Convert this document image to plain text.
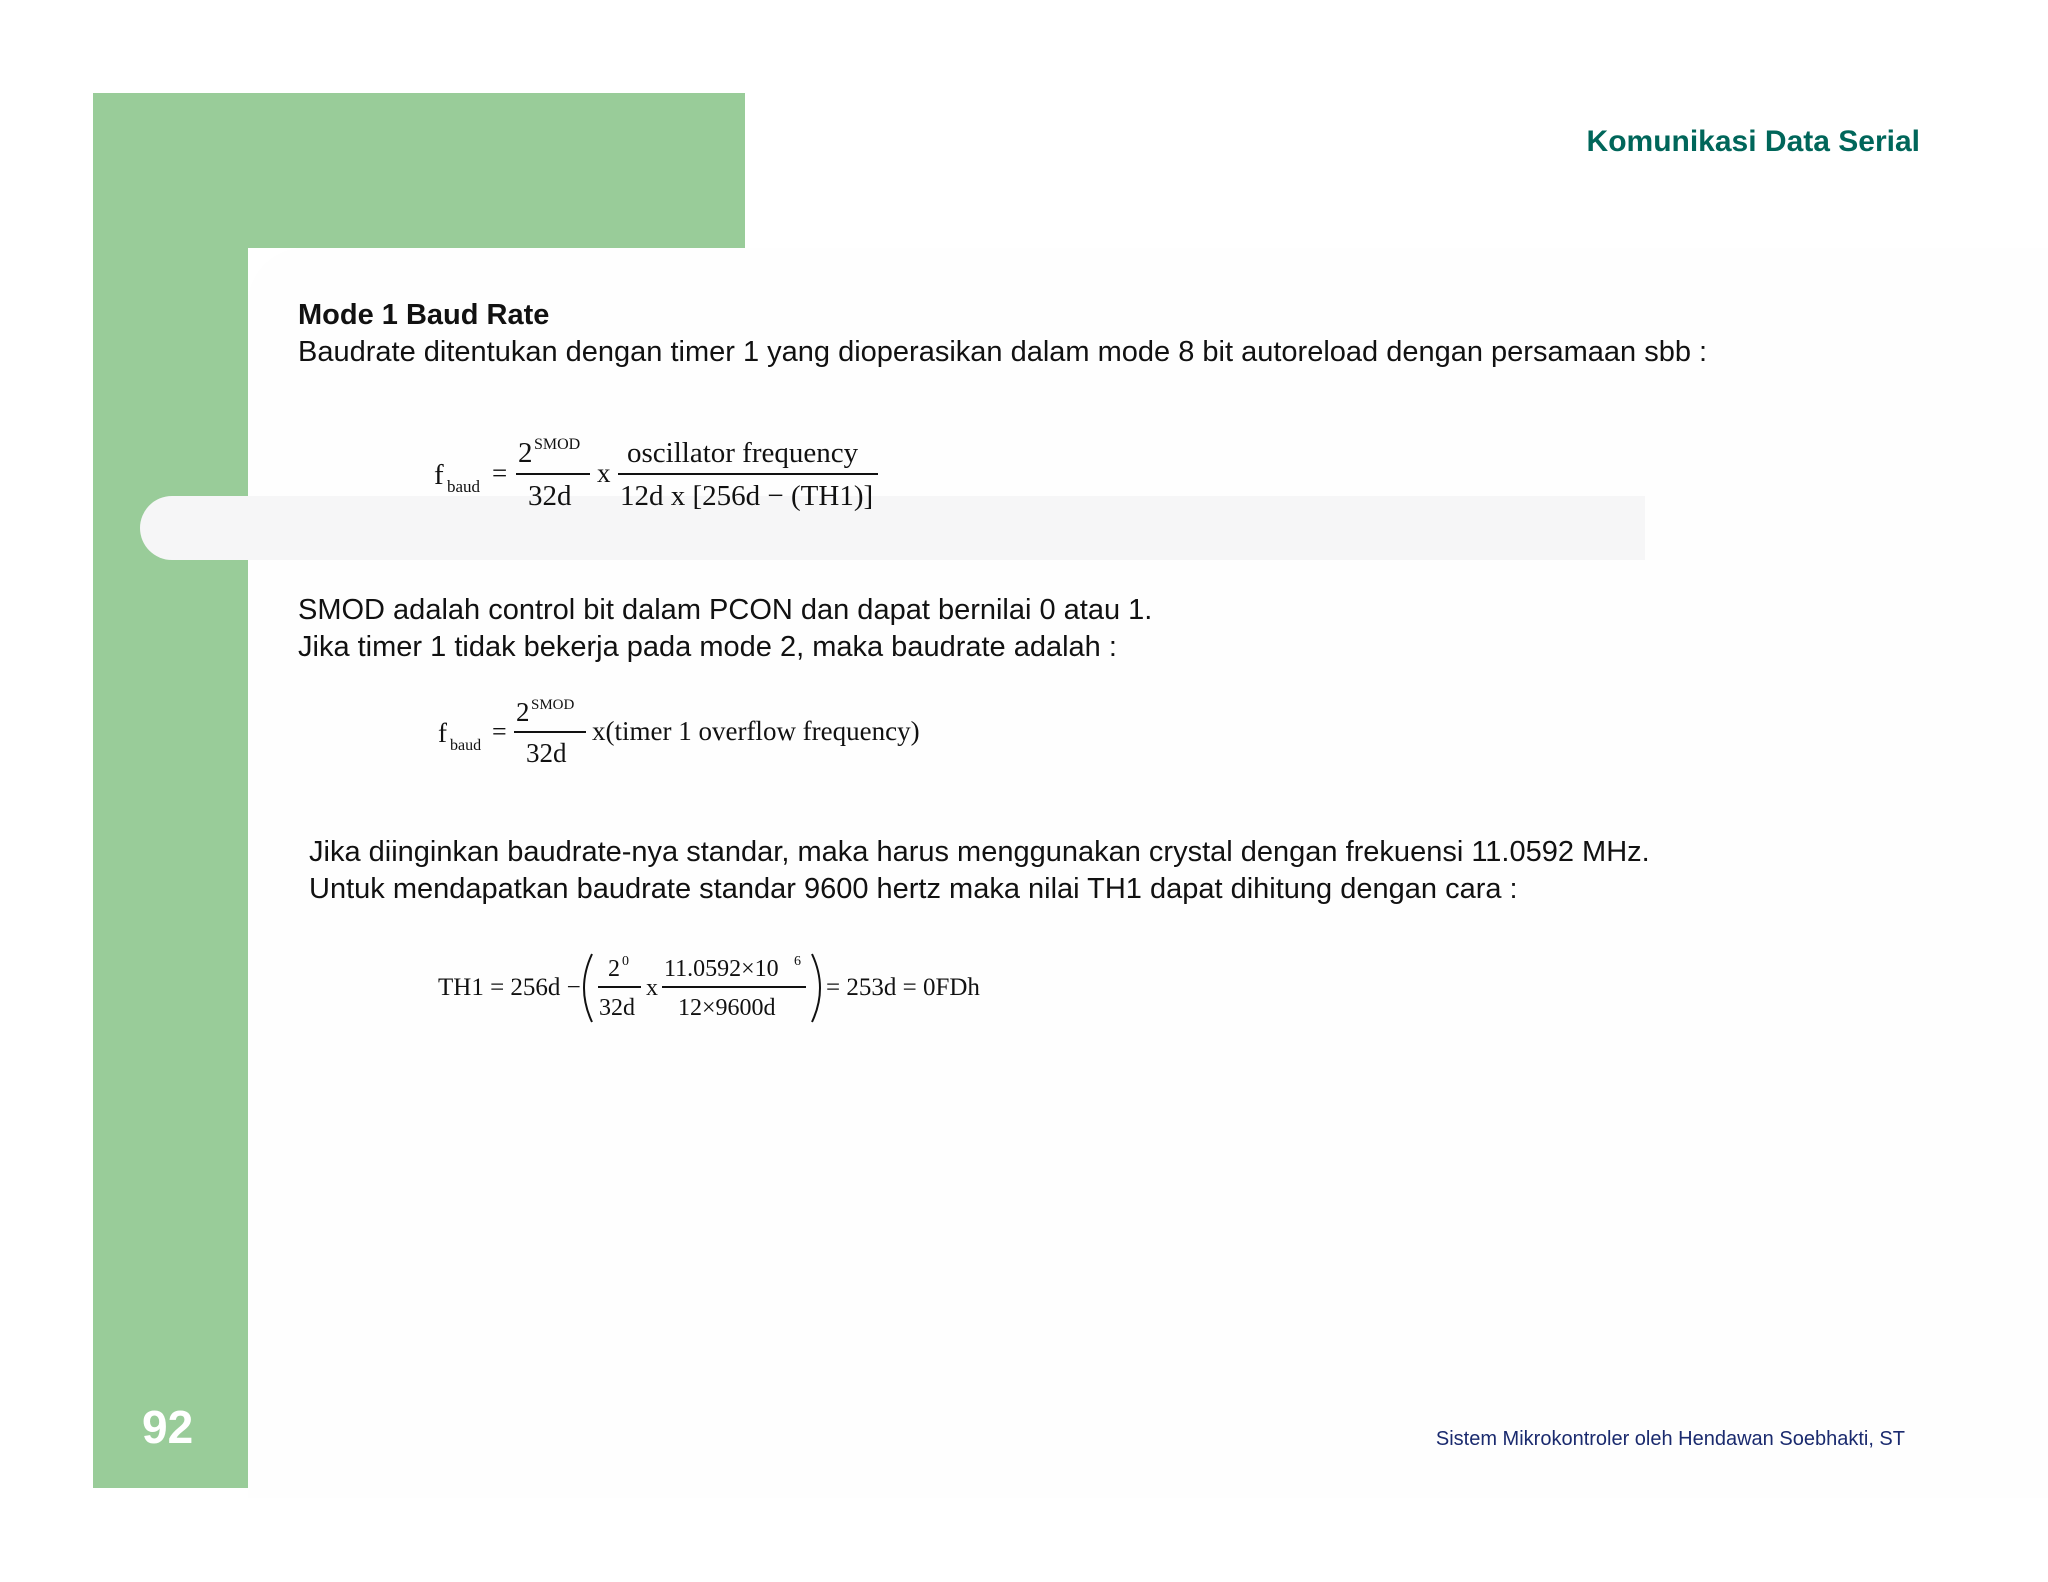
Komunikasi Data Serial
92	Sistem Mikrokontroler oleh Hendawan Soebhakti, ST
Mode 1 Baud Rate
Baudrate ditentukan dengan timer 1 yang dioperasikan dalam mode 8 bit autoreload dengan persamaan sbb :
f baud =
2 SMOD
32d
x
oscillator frequency
12d x [256d − (TH1)]
SMOD adalah control bit dalam PCON dan dapat bernilai 0 atau 1.
Jika timer 1 tidak bekerja pada mode 2, maka baudrate adalah :
f baud =
2 SMOD
32d
x(timer 1 overflow frequency)
Jika diinginkan baudrate-nya standar, maka harus menggunakan crystal dengan frekuensi 11.0592 MHz.
Untuk mendapatkan baudrate standar 9600 hertz maka nilai TH1 dapat dihitung dengan cara :
TH1 = 256d −
2 0
32d
x
11.0592×10 6
12×9600d
= 253d = 0FDh
